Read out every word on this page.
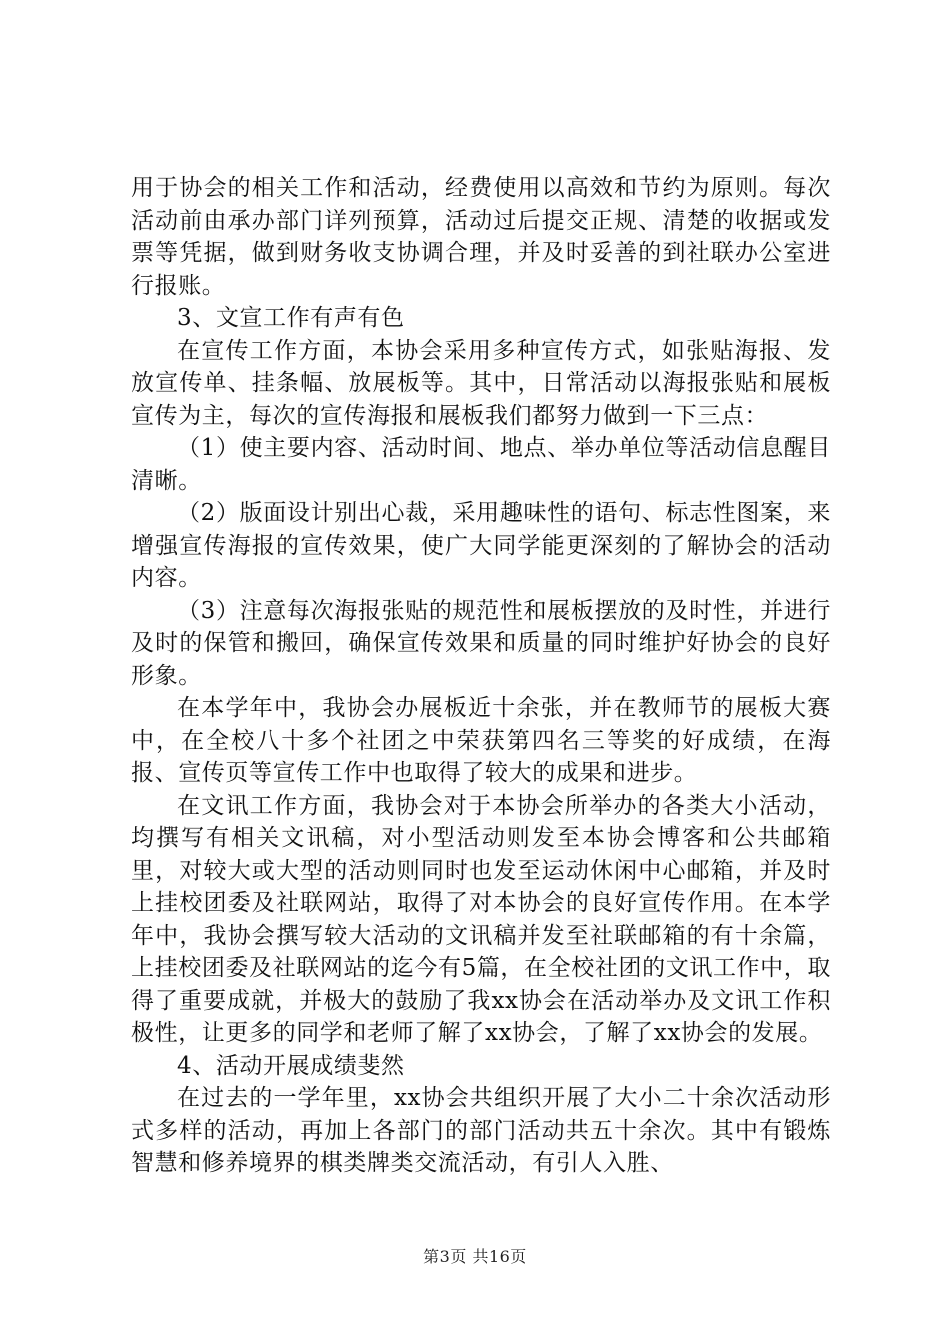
用于协会的相关工作和活动，经费使用以高效和节约为原则。每次活动前由承办部门详列预算，活动过后提交正规、清楚的收据或发票等凭据，做到财务收支协调合理，并及时妥善的到社联办公室进行报账。

3、文宣工作有声有色

在宣传工作方面，本协会采用多种宣传方式，如张贴海报、发放宣传单、挂条幅、放展板等。其中，日常活动以海报张贴和展板宣传为主，每次的宣传海报和展板我们都努力做到一下三点：

（1）使主要内容、活动时间、地点、举办单位等活动信息醒目清晰。

（2）版面设计别出心裁，采用趣味性的语句、标志性图案，来增强宣传海报的宣传效果，使广大同学能更深刻的了解协会的活动内容。

（3）注意每次海报张贴的规范性和展板摆放的及时性，并进行及时的保管和搬回，确保宣传效果和质量的同时维护好协会的良好形象。

在本学年中，我协会办展板近十余张，并在教师节的展板大赛中，在全校八十多个社团之中荣获第四名三等奖的好成绩，在海报、宣传页等宣传工作中也取得了较大的成果和进步。

在文讯工作方面，我协会对于本协会所举办的各类大小活动，均撰写有相关文讯稿，对小型活动则发至本协会博客和公共邮箱里，对较大或大型的活动则同时也发至运动休闲中心邮箱，并及时上挂校团委及社联网站，取得了对本协会的良好宣传作用。在本学年中，我协会撰写较大活动的文讯稿并发至社联邮箱的有十余篇，上挂校团委及社联网站的迄今有5篇，在全校社团的文讯工作中，取得了重要成就，并极大的鼓励了我xx协会在活动举办及文讯工作积极性，让更多的同学和老师了解了xx协会，了解了xx协会的发展。

4、活动开展成绩斐然

在过去的一学年里，xx协会共组织开展了大小二十余次活动形式多样的活动，再加上各部门的部门活动共五十余次。其中有锻炼智慧和修养境界的棋类牌类交流活动，有引人入胜、

第3页 共16页
